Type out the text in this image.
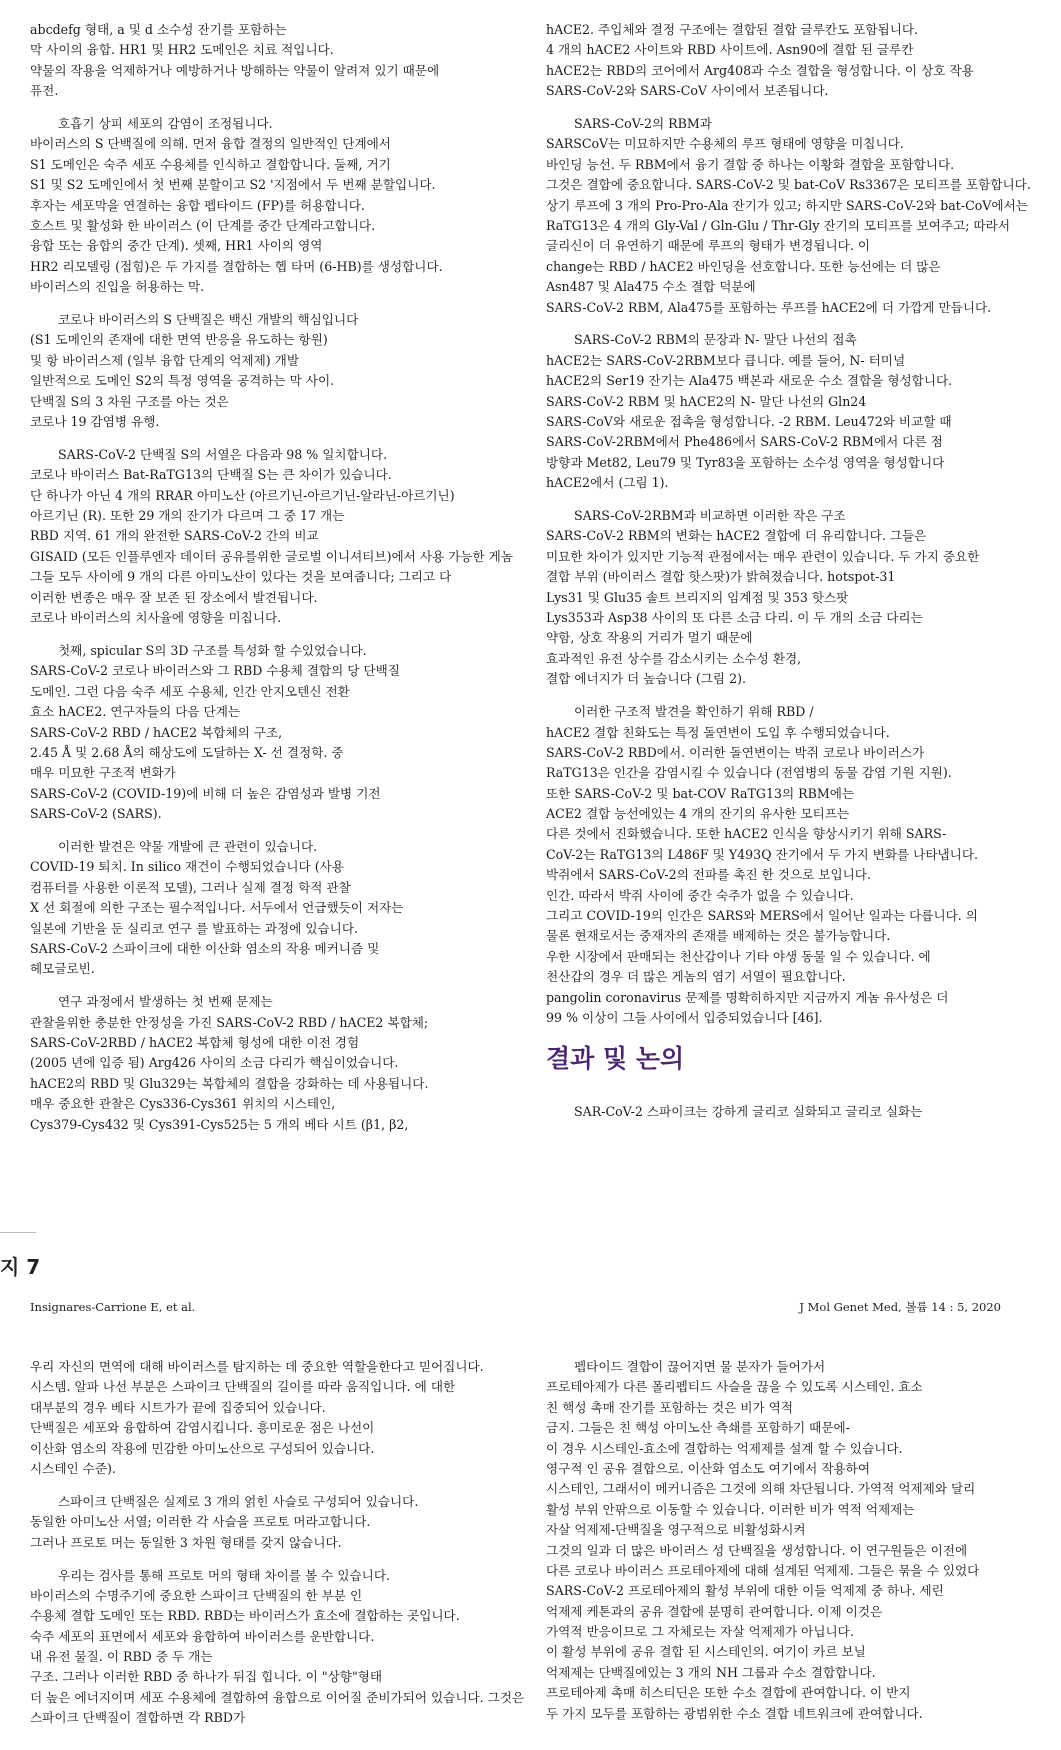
abcdefg 형태, a 및 d 소수성 잔기를 포함하는
막 사이의 융합. HR1 및 HR2 도메인은 치료 적입니다.
약물의 작용을 억제하거나 예방하거나 방해하는 약물이 알려져 있기 때문에
퓨전.
호흡기 상피 세포의 감염이 조정됩니다.
바이러스의 S 단백질에 의해. 먼저 융합 결정의 일반적인 단계에서
S1 도메인은 숙주 세포 수용체를 인식하고 결합합니다. 둘째, 거기
S1 및 S2 도메인에서 첫 번째 분할이고 S2 '지점에서 두 번째 분할입니다.
후자는 세포막을 연결하는 융합 펩타이드 (FP)를 허용합니다.
호스트 및 활성화 한 바이러스 (이 단계를 중간 단계라고합니다.
융합 또는 융합의 중간 단계). 셋째, HR1 사이의 영역
HR2 리모델링 (접힘)은 두 가지를 결합하는 헵 타머 (6-HB)를 생성합니다.
바이러스의 진입을 허용하는 막.
코로나 바이러스의 S 단백질은 백신 개발의 핵심입니다
(S1 도메인의 존재에 대한 면역 반응을 유도하는 항원)
및 항 바이러스제 (일부 융합 단계의 억제제) 개발
일반적으로 도메인 S2의 특정 영역을 공격하는 막 사이.
단백질 S의 3 차원 구조를 아는 것은
코로나 19 감염병 유행.
SARS-CoV-2 단백질 S의 서열은 다음과 98 % 일치합니다.
코로나 바이러스 Bat-RaTG13의 단백질 S는 큰 차이가 있습니다.
단 하나가 아닌 4 개의 RRAR 아미노산 (아르기닌-아르기닌-알라닌-아르기닌)
아르기닌 (R). 또한 29 개의 잔기가 다르며 그 중 17 개는
RBD 지역. 61 개의 완전한 SARS-CoV-2 간의 비교
GISAID (모든 인플루엔자 데이터 공유를위한 글로벌 이니셔티브)에서 사용 가능한 게놈
그들 모두 사이에 9 개의 다른 아미노산이 있다는 것을 보여줍니다; 그리고 다
이러한 변종은 매우 잘 보존 된 장소에서 발견됩니다.
코로나 바이러스의 치사율에 영향을 미칩니다.
첫째, spicular S의 3D 구조를 특성화 할 수있었습니다.
SARS-CoV-2 코로나 바이러스와 그 RBD 수용체 결합의 당 단백질
도메인. 그런 다음 숙주 세포 수용체, 인간 안지오텐신 전환
효소 hACE2. 연구자들의 다음 단계는
SARS-CoV-2 RBD / hACE2 복합체의 구조,
2.45 Å 및 2.68 Å의 해상도에 도달하는 X- 선 결정학. 중
매우 미묘한 구조적 변화가
SARS-CoV-2 (COVID-19)에 비해 더 높은 감염성과 발병 기전
SARS-CoV-2 (SARS).
이러한 발견은 약물 개발에 큰 관련이 있습니다.
COVID-19 퇴치. In silico 재건이 수행되었습니다 (사용
컴퓨터를 사용한 이론적 모델), 그러나 실제 결정 학적 관찰
X 선 회절에 의한 구조는 필수적입니다. 서두에서 언급했듯이 저자는
일본에 기반을 둔 실리코 연구 를 발표하는 과정에 있습니다.
SARS-CoV-2 스파이크에 대한 이산화 염소의 작용 메커니즘 및
헤모글로빈.
연구 과정에서 발생하는 첫 번째 문제는
관찰을위한 충분한 안정성을 가진 SARS-CoV-2 RBD / hACE2 복합체;
SARS-CoV-2RBD / hACE2 복합체 형성에 대한 이전 경험
(2005 년에 입증 됨) Arg426 사이의 소금 다리가 핵심이었습니다.
hACE2의 RBD 및 Glu329는 복합체의 결합을 강화하는 데 사용됩니다.
매우 중요한 관찰은 Cys336-Cys361 위치의 시스테인,
Cys379-Cys432 및 Cys391-Cys525는 5 개의 베타 시트 (β1, β2,
hACE2. 주입체와 결정 구조에는 결합된 결합 글루칸도 포함됩니다.
4 개의 hACE2 사이트와 RBD 사이트에. Asn90에 결합 된 글루칸
hACE2는 RBD의 코어에서 Arg408과 수소 결합을 형성합니다. 이 상호 작용
SARS-CoV-2와 SARS-CoV 사이에서 보존됩니다.
SARS-CoV-2의 RBM과
SARSCoV는 미묘하지만 수용체의 루프 형태에 영향을 미칩니다.
바인딩 능선. 두 RBM에서 융기 결합 중 하나는 이황화 결합을 포함합니다.
그것은 결합에 중요합니다. SARS-CoV-2 및 bat-CoV Rs3367은 모티프를 포함합니다.
상기 루프에 3 개의 Pro-Pro-Ala 잔기가 있고; 하지만 SARS-CoV-2와 bat-CoV에서는
RaTG13은 4 개의 Gly-Val / Gln-Glu / Thr-Gly 잔기의 모티프를 보여주고; 따라서
글리신이 더 유연하기 때문에 루프의 형태가 변경됩니다. 이
change는 RBD / hACE2 바인딩을 선호합니다. 또한 능선에는 더 많은
Asn487 및 Ala475 수소 결합 덕분에
SARS-CoV-2 RBM, Ala475를 포함하는 루프를 hACE2에 더 가깝게 만듭니다.
SARS-CoV-2 RBM의 문장과 N- 말단 나선의 접촉
hACE2는 SARS-CoV-2RBM보다 큽니다. 예를 들어, N- 터미널
hACE2의 Ser19 잔기는 Ala475 백본과 새로운 수소 결합을 형성합니다.
SARS-CoV-2 RBM 및 hACE2의 N- 말단 나선의 Gln24
SARS-CoV와 새로운 접촉을 형성합니다. -2 RBM. Leu472와 비교할 때
SARS-CoV-2RBM에서 Phe486에서 SARS-CoV-2 RBM에서 다른 점
방향과 Met82, Leu79 및 Tyr83을 포함하는 소수성 영역을 형성합니다
hACE2에서 (그림 1).
SARS-CoV-2RBM과 비교하면 이러한 작은 구조
SARS-CoV-2 RBM의 변화는 hACE2 결합에 더 유리합니다. 그들은
미묘한 차이가 있지만 기능적 관점에서는 매우 관련이 있습니다. 두 가지 중요한
결합 부위 (바이러스 결합 핫스팟)가 밝혀졌습니다. hotspot-31
Lys31 및 Glu35 솔트 브리지의 임계점 및 353 핫스팟
Lys353과 Asp38 사이의 또 다른 소금 다리. 이 두 개의 소금 다리는
약함, 상호 작용의 거리가 멀기 때문에
효과적인 유전 상수를 감소시키는 소수성 환경,
결합 에너지가 더 높습니다 (그림 2).
이러한 구조적 발견을 확인하기 위해 RBD /
hACE2 결합 친화도는 특정 돌연변이 도입 후 수행되었습니다.
SARS-CoV-2 RBD에서. 이러한 돌연변이는 박쥐 코로나 바이러스가
RaTG13은 인간을 감염시킬 수 있습니다 (전염병의 동물 감염 기원 지원).
또한 SARS-CoV-2 및 bat-COV RaTG13의 RBM에는
ACE2 결합 능선에있는 4 개의 잔기의 유사한 모티프는
다른 것에서 진화했습니다. 또한 hACE2 인식을 향상시키기 위해 SARS-
CoV-2는 RaTG13의 L486F 및 Y493Q 잔기에서 두 가지 변화를 나타냅니다.
박쥐에서 SARS-CoV-2의 전파를 촉진 한 것으로 보입니다.
인간. 따라서 박쥐 사이에 중간 숙주가 없을 수 있습니다.
그리고 COVID-19의 인간은 SARS와 MERS에서 일어난 일과는 다릅니다. 의
물론 현재로서는 중재자의 존재를 배제하는 것은 불가능합니다.
우한 시장에서 판매되는 천산갑이나 기타 야생 동물 일 수 있습니다. 에
천산갑의 경우 더 많은 게놈의 염기 서열이 필요합니다.
pangolin coronavirus 문제를 명확히하지만 지금까지 게놈 유사성은 더
99 % 이상이 그들 사이에서 입증되었습니다 [46].
결과 및 논의
SAR-CoV-2 스파이크는 강하게 글리코 실화되고 글리코 실화는
지 7
Insignares-Carrione E, et al.	J Mol Genet Med, 볼륨 14 : 5, 2020
우리 자신의 면역에 대해 바이러스를 탐지하는 데 중요한 역할을한다고 믿어집니다.
시스템. 알파 나선 부분은 스파이크 단백질의 길이를 따라 움직입니다. 에 대한
대부분의 경우 베타 시트가가 끝에 집중되어 있습니다.
단백질은 세포와 융합하여 감염시킵니다. 흥미로운 점은 나선이
이산화 염소의 작용에 민감한 아미노산으로 구성되어 있습니다.
시스테인 수준).
스파이크 단백질은 실제로 3 개의 얽힌 사슬로 구성되어 있습니다.
동일한 아미노산 서열; 이러한 각 사슬을 프로토 머라고합니다.
그러나 프로토 머는 동일한 3 차원 형태를 갖지 않습니다.
우리는 검사를 통해 프로토 머의 형태 차이를 볼 수 있습니다.
바이러스의 수명주기에 중요한 스파이크 단백질의 한 부분 인
수용체 결합 도메인 또는 RBD. RBD는 바이러스가 효소에 결합하는 곳입니다.
숙주 세포의 표면에서 세포와 융합하여 바이러스를 운반합니다.
내 유전 물질. 이 RBD 중 두 개는
구조. 그러나 이러한 RBD 중 하나가 뒤집 힙니다. 이 "상향"형태
더 높은 에너지이며 세포 수용체에 결합하여 융합으로 이어질 준비가되어 있습니다. 그것은
스파이크 단백질이 결합하면 각 RBD가
펩타이드 결합이 끊어지면 물 분자가 들어가서
프로테아제가 다른 폴리펩티드 사슬을 끊을 수 있도록 시스테인. 효소
친 핵성 촉매 잔기를 포함하는 것은 비가 역적
금지. 그들은 친 핵성 아미노산 측쇄를 포함하기 때문에-
이 경우 시스테인-효소에 결합하는 억제제를 설계 할 수 있습니다.
영구적 인 공유 결합으로. 이산화 염소도 여기에서 작용하여
시스테인, 그래서이 메커니즘은 그것에 의해 차단됩니다. 가역적 억제제와 달리
활성 부위 안팎으로 이동할 수 있습니다. 이러한 비가 역적 억제제는
자살 억제제-단백질을 영구적으로 비활성화시켜
그것의 일과 더 많은 바이러스 성 단백질을 생성합니다. 이 연구원들은 이전에
다른 코로나 바이러스 프로테아제에 대해 설계된 억제제. 그들은 묶을 수 있었다
SARS-CoV-2 프로테아제의 활성 부위에 대한 이들 억제제 중 하나. 세린
억제제 케톤과의 공유 결합에 분명히 관여합니다. 이제 이것은
가역적 반응이므로 그 자체로는 자살 억제제가 아닙니다.
이 활성 부위에 공유 결합 된 시스테인의. 여기이 카르 보닐
억제제는 단백질에있는 3 개의 NH 그룹과 수소 결합합니다.
프로테아제 촉매 히스티딘은 또한 수소 결합에 관여합니다. 이 반지
두 가지 모두를 포함하는 광범위한 수소 결합 네트워크에 관여합니다.
